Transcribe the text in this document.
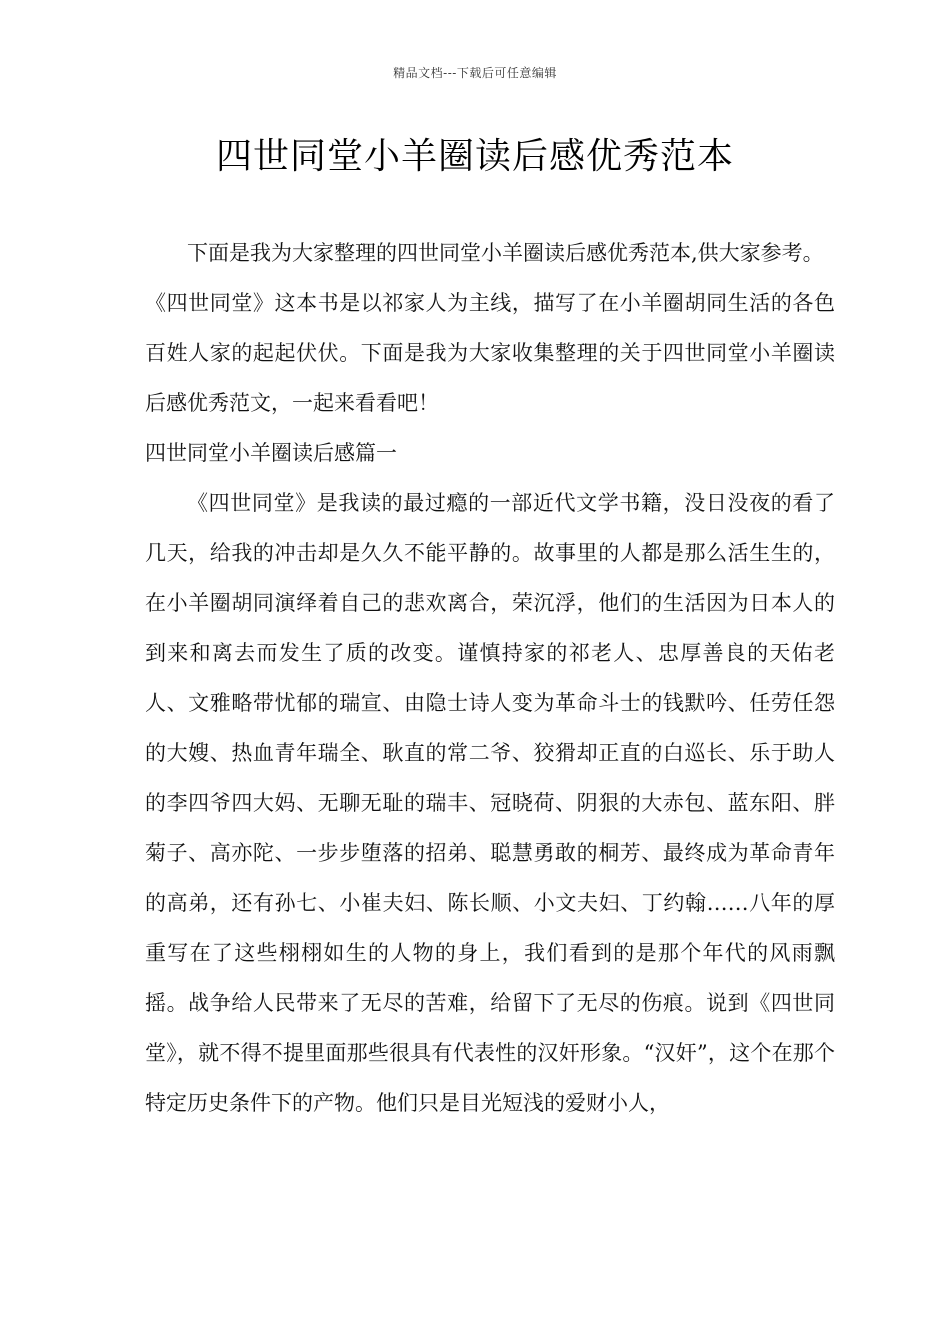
精品文档---下载后可任意编辑
四世同堂小羊圈读后感优秀范本

下面是我为大家整理的四世同堂小羊圈读后感优秀范本,供大家参考。

《四世同堂》这本书是以祁家人为主线，描写了在小羊圈胡同生活的各色百姓人家的起起伏伏。下面是我为大家收集整理的关于四世同堂小羊圈读后感优秀范文，一起来看看吧！

四世同堂小羊圈读后感篇一

《四世同堂》是我读的最过瘾的一部近代文学书籍，没日没夜的看了几天，给我的冲击却是久久不能平静的。故事里的人都是那么活生生的，在小羊圈胡同演绎着自己的悲欢离合，荣沉浮，他们的生活因为日本人的到来和离去而发生了质的改变。谨慎持家的祁老人、忠厚善良的天佑老人、文雅略带忧郁的瑞宣、由隐士诗人变为革命斗士的钱默吟、任劳任怨的大嫂、热血青年瑞全、耿直的常二爷、狡猾却正直的白巡长、乐于助人的李四爷四大妈、无聊无耻的瑞丰、冠晓荷、阴狠的大赤包、蓝东阳、胖菊子、高亦陀、一步步堕落的招弟、聪慧勇敢的桐芳、最终成为革命青年的高弟，还有孙七、小崔夫妇、陈长顺、小文夫妇、丁约翰……八年的厚重写在了这些栩栩如生的人物的身上，我们看到的是那个年代的风雨飘摇。战争给人民带来了无尽的苦难，给留下了无尽的伤痕。说到《四世同堂》，就不得不提里面那些很具有代表性的汉奸形象。“汉奸”，这个在那个特定历史条件下的产物。他们只是目光短浅的爱财小人，
